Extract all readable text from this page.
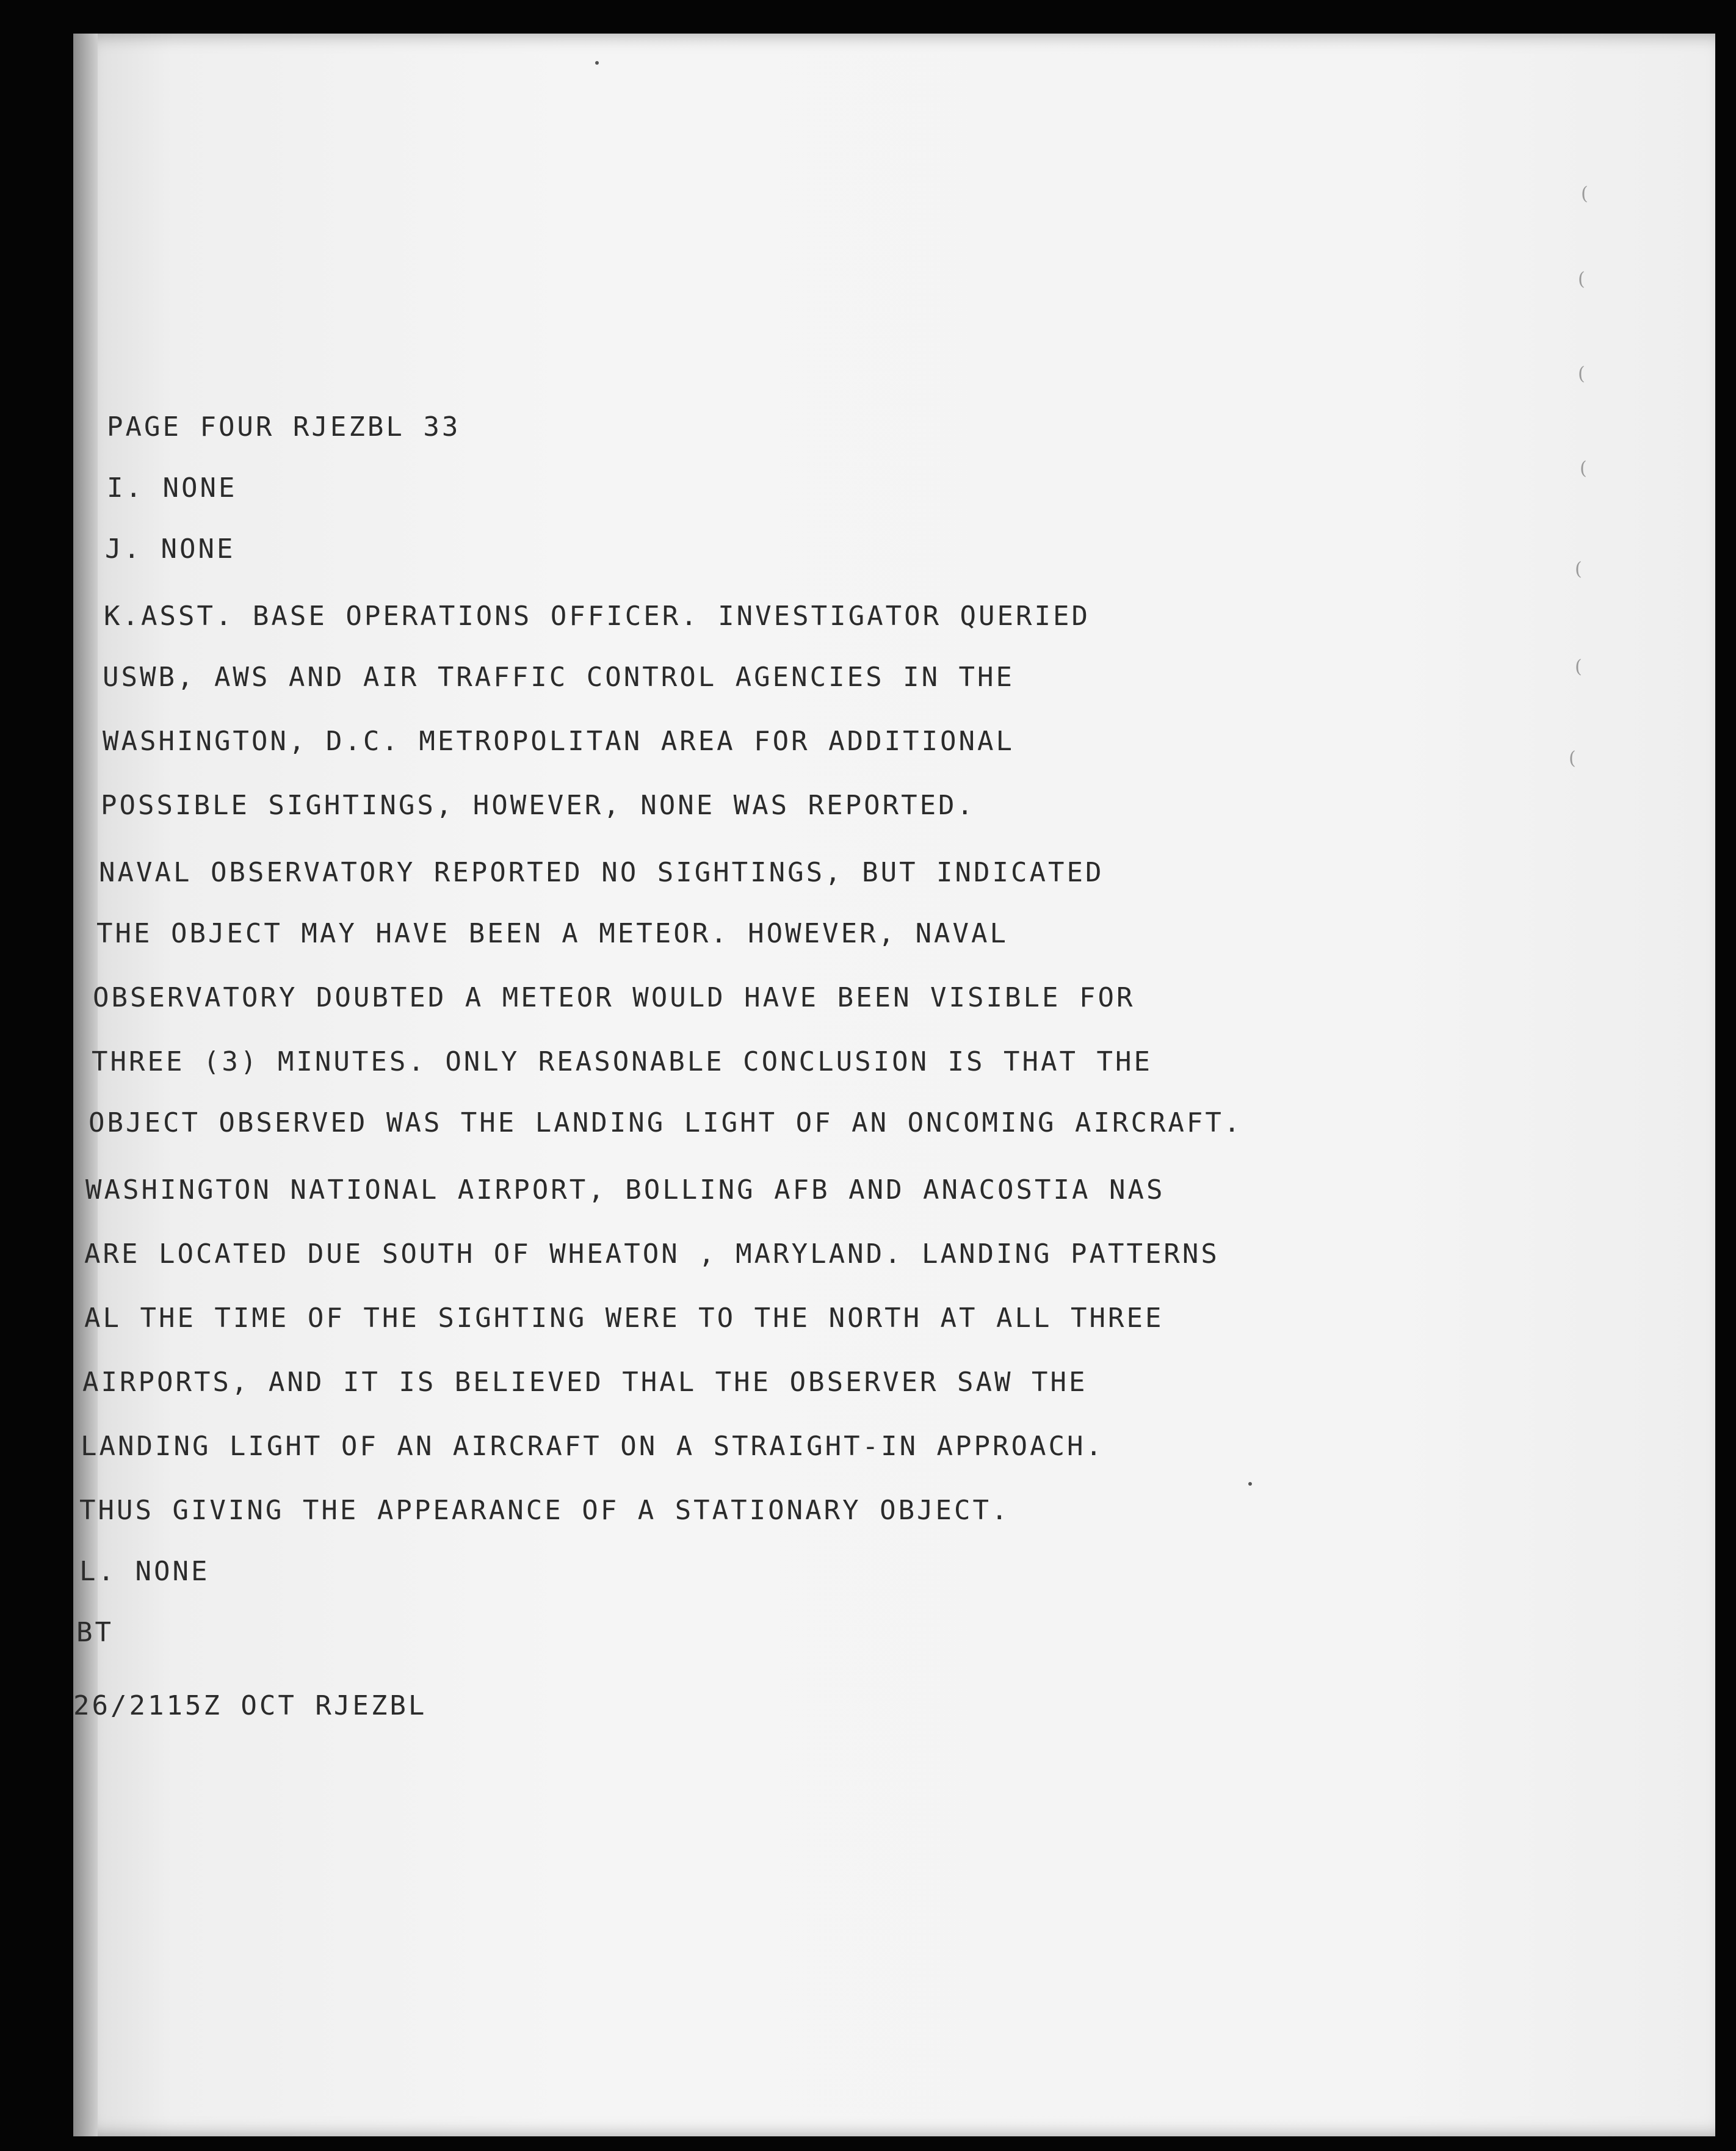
(
(
(
(
(
(
(
PAGE FOUR RJEZBL 33
I. NONE
J. NONE
K.ASST. BASE OPERATIONS OFFICER. INVESTIGATOR QUERIED
USWB, AWS AND AIR TRAFFIC CONTROL AGENCIES IN THE
WASHINGTON, D.C. METROPOLITAN AREA FOR ADDITIONAL
POSSIBLE SIGHTINGS, HOWEVER, NONE WAS REPORTED.
NAVAL OBSERVATORY REPORTED NO SIGHTINGS, BUT INDICATED
THE OBJECT MAY HAVE BEEN A METEOR. HOWEVER, NAVAL
OBSERVATORY DOUBTED A METEOR WOULD HAVE BEEN VISIBLE FOR
THREE (3) MINUTES. ONLY REASONABLE CONCLUSION IS THAT THE
OBJECT OBSERVED WAS THE LANDING LIGHT OF AN ONCOMING AIRCRAFT.
WASHINGTON NATIONAL AIRPORT, BOLLING AFB AND ANACOSTIA NAS
ARE LOCATED DUE SOUTH OF WHEATON , MARYLAND. LANDING PATTERNS
AL THE TIME OF THE SIGHTING WERE TO THE NORTH AT ALL THREE
AIRPORTS, AND IT IS BELIEVED THAL THE OBSERVER SAW THE
LANDING LIGHT OF AN AIRCRAFT ON A STRAIGHT-IN APPROACH.
THUS GIVING THE APPEARANCE OF A STATIONARY OBJECT.
L. NONE
BT
26/2115Z OCT RJEZBL
